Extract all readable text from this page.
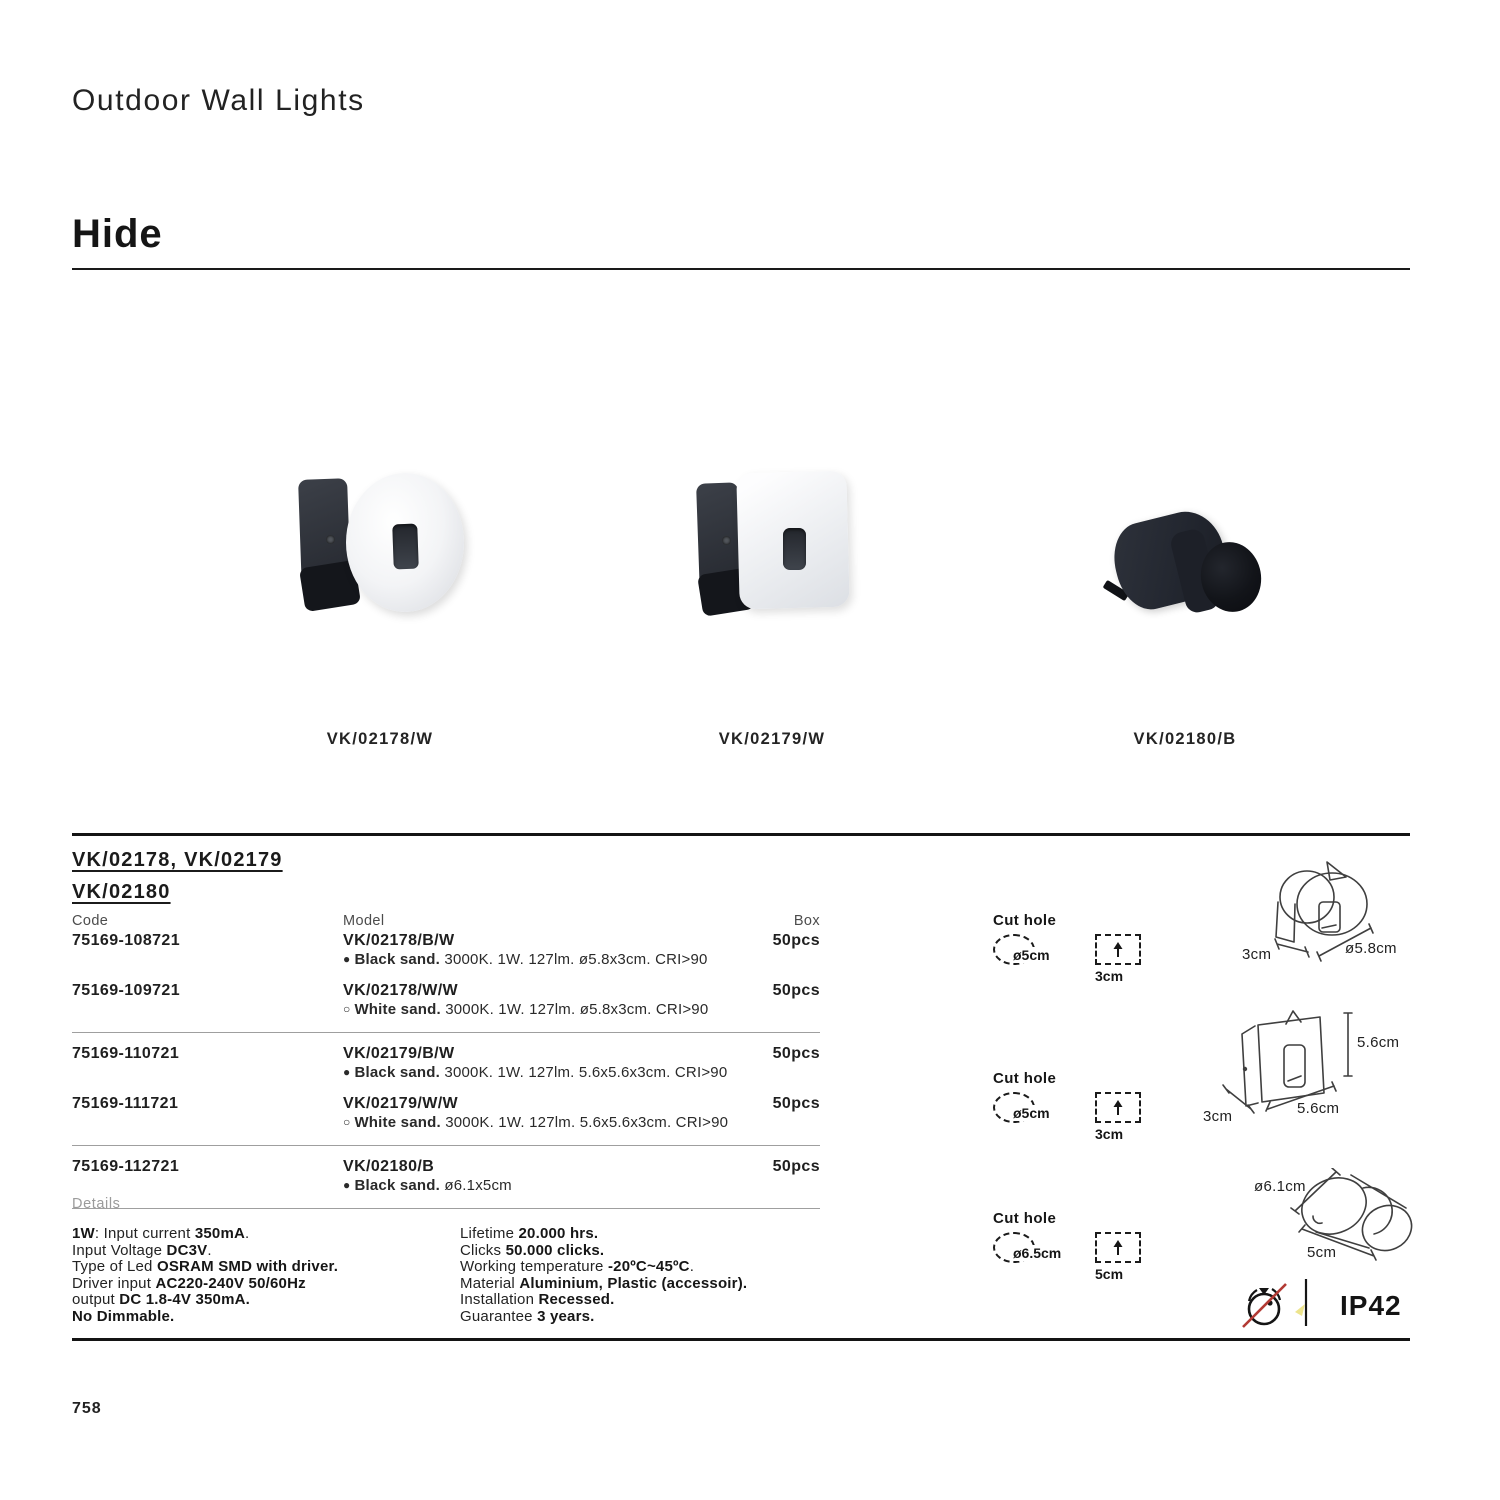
Outdoor Wall Lights
Hide
VK/02178/W	VK/02179/W	VK/02180/B
VK/02178, VK/02179
VK/02180
Code	Model	Box
75169-108721	VK/02178/B/W	50pcs
● Black sand. 3000K. 1W. 127lm. ø5.8x3cm. CRI>90
75169-109721	VK/02178/W/W	50pcs
○ White sand. 3000K. 1W. 127lm. ø5.8x3cm. CRI>90
75169-110721	VK/02179/B/W	50pcs
● Black sand. 3000K. 1W. 127lm. 5.6x5.6x3cm. CRI>90
75169-111721	VK/02179/W/W	50pcs
○ White sand. 3000K. 1W. 127lm. 5.6x5.6x3cm. CRI>90
75169-112721	VK/02180/B	50pcs
● Black sand. ø6.1x5cm
Details
1W: Input current 350mA.
Input Voltage DC3V.
Type of Led OSRAM SMD with driver.
Driver input AC220-240V 50/60Hz
output DC 1.8-4V 350mA.
No Dimmable.
Lifetime 20.000 hrs.
Clicks 50.000 clicks.
Working temperature -20ºC~45ºC.
Material Aluminium, Plastic (accessoir).
Installation Recessed.
Guarantee 3 years.
Cut hole
ø5cm
3cm
Cut hole
ø5cm
3cm
Cut hole
ø6.5cm
5cm
3cm	ø5.8cm
5.6cm
3cm	5.6cm
ø6.1cm
5cm
IP42
758
